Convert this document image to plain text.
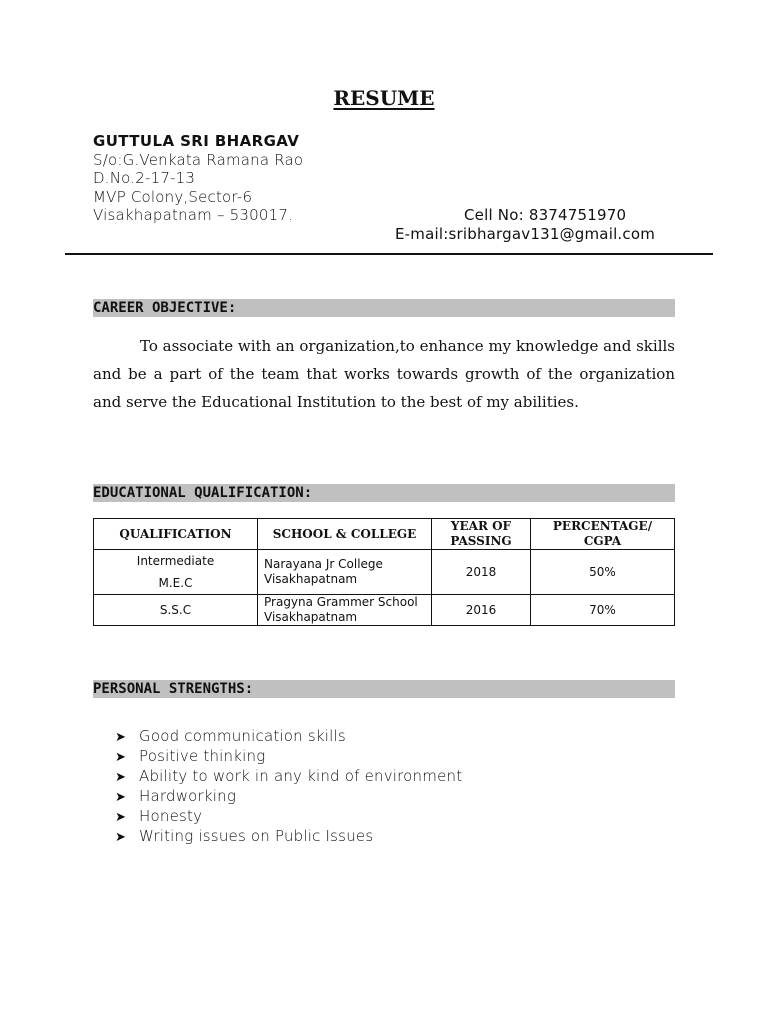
RESUME
GUTTULA SRI BHARGAV
S/o:G.Venkata Ramana Rao
D.No.2-17-13
MVP Colony,Sector-6
Visakhapatnam – 530017.	Cell No: 8374751970
E-mail:sribhargav131@gmail.com
CAREER OBJECTIVE:
To associate with an organization,to enhance my knowledge and skills and be a part of the team that works towards growth of the organization and serve the Educational Institution to the best of my abilities.
EDUCATIONAL QUALIFICATION:
QUALIFICATION	SCHOOL & COLLEGE	YEAR OF PASSING	PERCENTAGE/ CGPA

Intermediate
M.E.C	Narayana Jr College Visakhapatnam	2018	50%
S.S.C	Pragyna Grammer School Visakhapatnam	2016	70%
PERSONAL STRENGTHS:
➤ Good communication skills
➤ Positive thinking
➤ Ability to work in any kind of environment
➤ Hardworking
➤ Honesty
➤ Writing issues on Public Issues
